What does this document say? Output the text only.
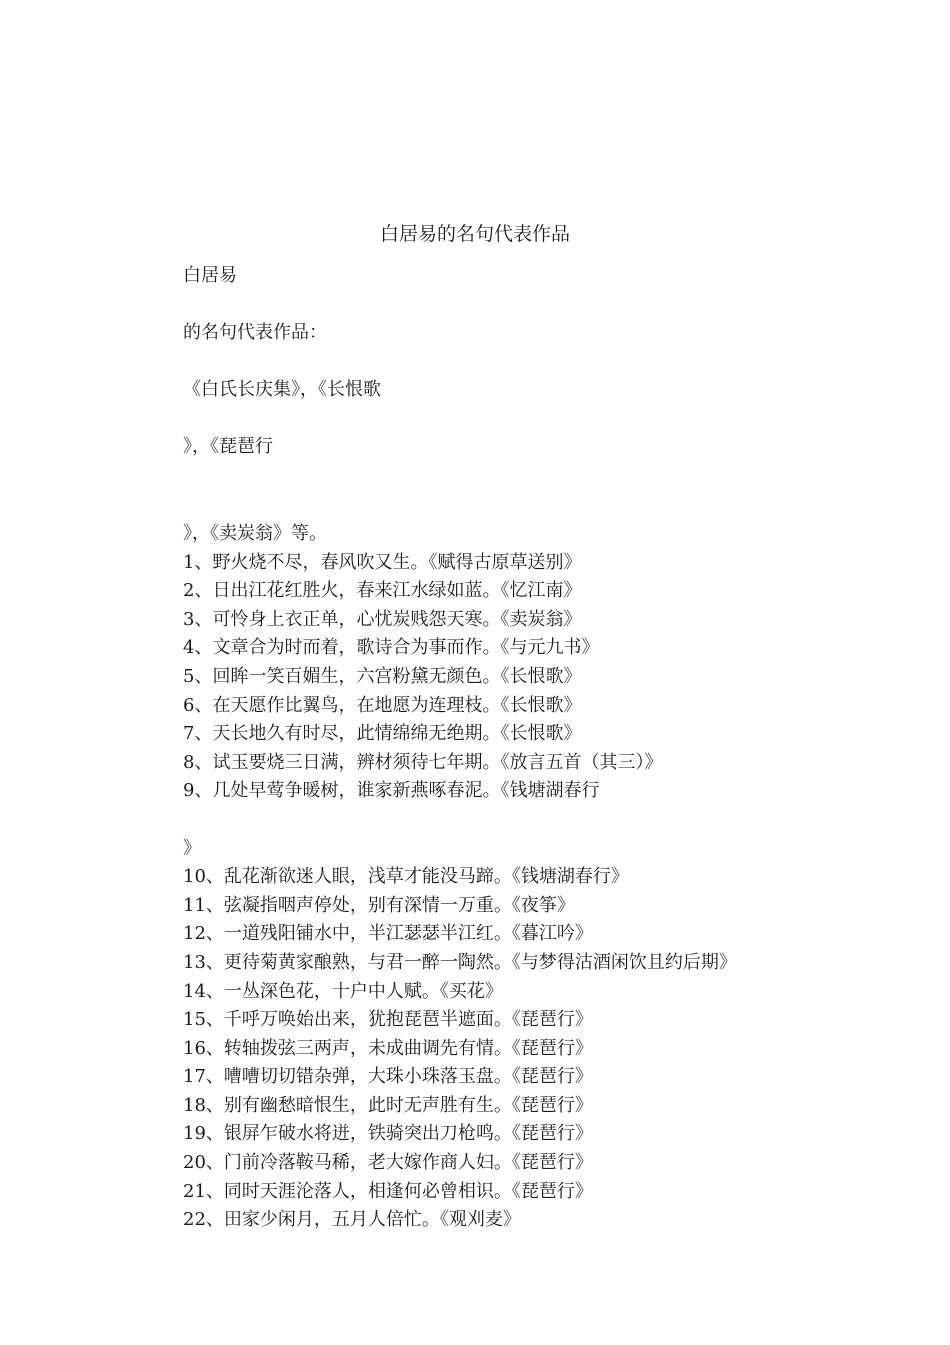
白居易的名句代表作品
白居易
的名句代表作品：
《白氏长庆集》，《长恨歌
》，《琵琶行
》，《卖炭翁》等。
1、野火烧不尽，春风吹又生。《赋得古原草送别》
2、日出江花红胜火，春来江水绿如蓝。《忆江南》
3、可怜身上衣正单，心忧炭贱怨天寒。《卖炭翁》
4、文章合为时而着，歌诗合为事而作。《与元九书》
5、回眸一笑百媚生，六宫粉黛无颜色。《长恨歌》
6、在天愿作比翼鸟，在地愿为连理枝。《长恨歌》
7、天长地久有时尽，此情绵绵无绝期。《长恨歌》
8、试玉要烧三日满，辨材须待七年期。《放言五首（其三）》
9、几处早莺争暖树，谁家新燕啄春泥。《钱塘湖春行
》
10、乱花渐欲迷人眼，浅草才能没马蹄。《钱塘湖春行》
11、弦凝指咽声停处，别有深情一万重。《夜筝》
12、一道残阳铺水中，半江瑟瑟半江红。《暮江吟》
13、更待菊黄家酿熟，与君一醉一陶然。《与梦得沽酒闲饮且约后期》
14、一丛深色花，十户中人赋。《买花》
15、千呼万唤始出来，犹抱琵琶半遮面。《琵琶行》
16、转轴拨弦三两声，未成曲调先有情。《琵琶行》
17、嘈嘈切切错杂弹，大珠小珠落玉盘。《琵琶行》
18、别有幽愁暗恨生，此时无声胜有生。《琵琶行》
19、银屏乍破水将迸，铁骑突出刀枪鸣。《琵琶行》
20、门前冷落鞍马稀，老大嫁作商人妇。《琵琶行》
21、同时天涯沦落人，相逢何必曾相识。《琵琶行》
22、田家少闲月，五月人倍忙。《观刈麦》
